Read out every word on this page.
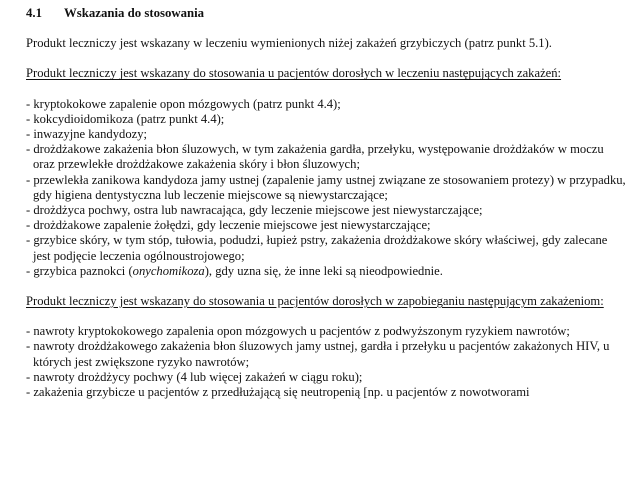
4.1	Wskazania do stosowania

Produkt leczniczy jest wskazany w leczeniu wymienionych niżej zakażeń grzybiczych (patrz punkt 5.1).

Produkt leczniczy jest wskazany do stosowania u pacjentów dorosłych w leczeniu następujących zakażeń:

- kryptokokowe zapalenie opon mózgowych (patrz punkt 4.4);
- kokcydioidomikoza (patrz punkt 4.4);
- inwazyjne kandydozy;
- drożdżakowe zakażenia błon śluzowych, w tym zakażenia gardła, przełyku, występowanie drożdżaków w moczu oraz przewlekłe drożdżakowe zakażenia skóry i błon śluzowych;
- przewlekła zanikowa kandydoza jamy ustnej (zapalenie jamy ustnej związane ze stosowaniem protezy) w przypadku, gdy higiena dentystyczna lub leczenie miejscowe są niewystarczające;
- drożdżyca pochwy, ostra lub nawracająca, gdy leczenie miejscowe jest niewystarczające;
- drożdżakowe zapalenie żołędzi, gdy leczenie miejscowe jest niewystarczające;
- grzybice skóry, w tym stóp, tułowia, podudzi, łupież pstry, zakażenia drożdżakowe skóry właściwej, gdy zalecane jest podjęcie leczenia ogólnoustrojowego;
- grzybica paznokci (onychomikoza), gdy uzna się, że inne leki są nieodpowiednie.

Produkt leczniczy jest wskazany do stosowania u pacjentów dorosłych w zapobieganiu następującym zakażeniom:

- nawroty kryptokokowego zapalenia opon mózgowych u pacjentów z podwyższonym ryzykiem nawrotów;
- nawroty drożdżakowego zakażenia błon śluzowych jamy ustnej, gardła i przełyku u pacjentów zakażonych HIV, u których jest zwiększone ryzyko nawrotów;
- nawroty drożdżycy pochwy (4 lub więcej zakażeń w ciągu roku);
- zakażenia grzybicze u pacjentów z przedłużającą się neutropenią [np. u pacjentów z nowotworami
